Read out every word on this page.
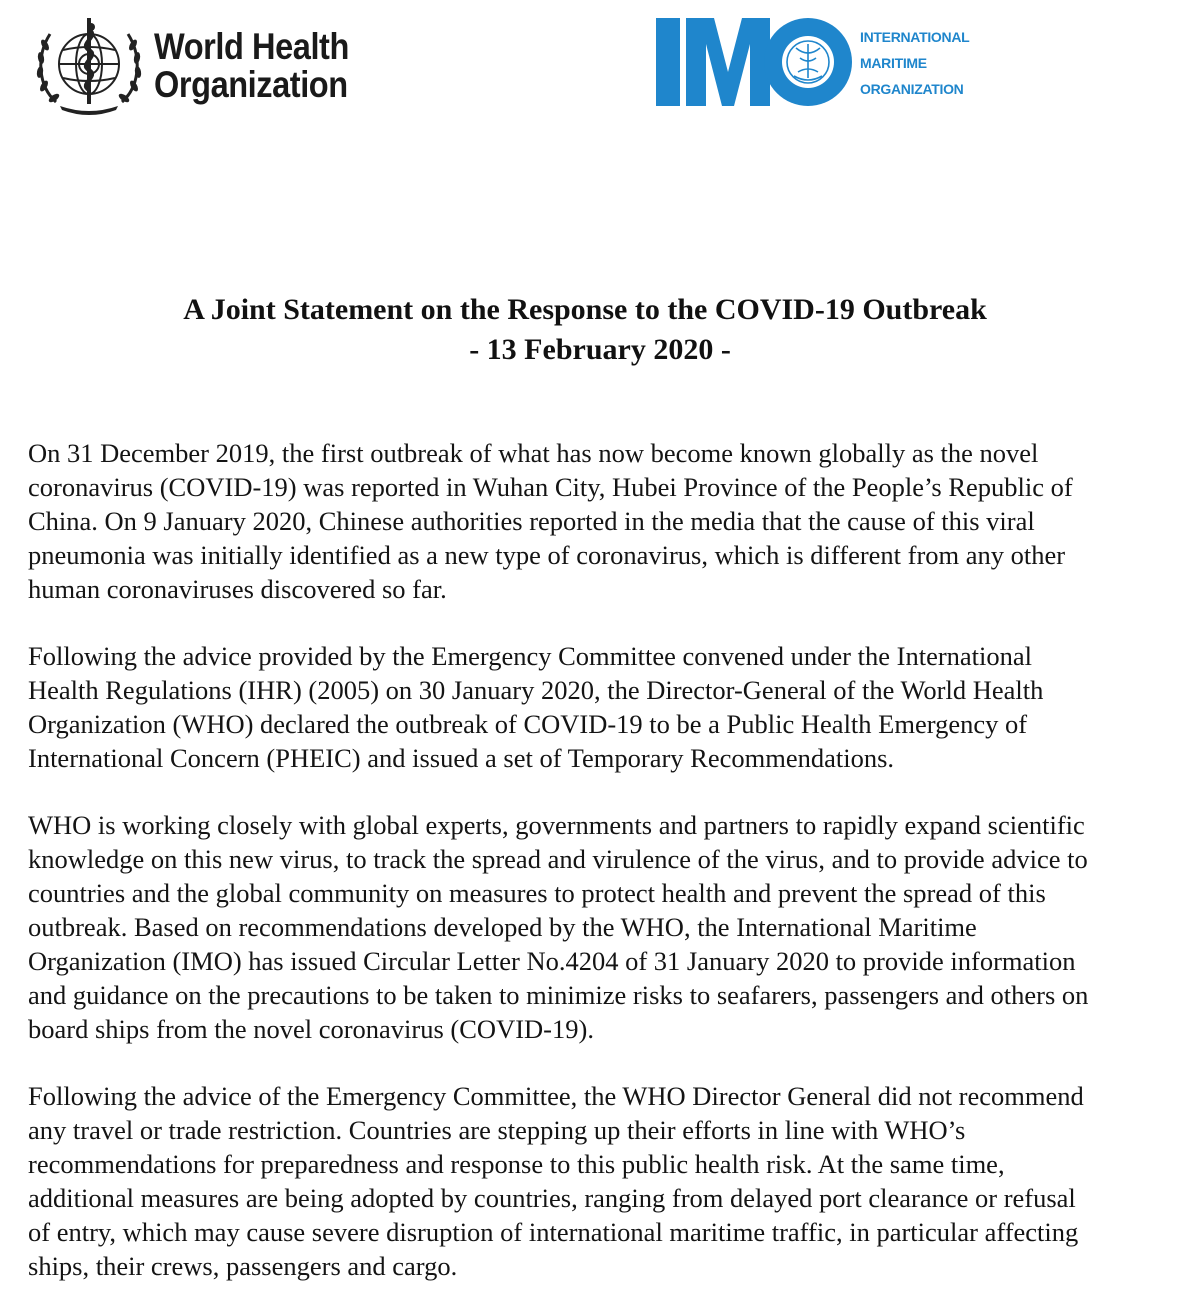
World Health
Organization
INTERNATIONAL
MARITIME
ORGANIZATION
A Joint Statement on the Response to the COVID-19 Outbreak
- 13 February 2020 -
On 31 December 2019, the first outbreak of what has now become known globally as the novel
coronavirus (COVID-19) was reported in Wuhan City, Hubei Province of the People’s Republic of
China. On 9 January 2020, Chinese authorities reported in the media that the cause of this viral
pneumonia was initially identified as a new type of coronavirus, which is different from any other
human coronaviruses discovered so far.
Following the advice provided by the Emergency Committee convened under the International
Health Regulations (IHR) (2005) on 30 January 2020, the Director-General of the World Health
Organization (WHO) declared the outbreak of COVID-19 to be a Public Health Emergency of
International Concern (PHEIC) and issued a set of Temporary Recommendations.
WHO is working closely with global experts, governments and partners to rapidly expand scientific
knowledge on this new virus, to track the spread and virulence of the virus, and to provide advice to
countries and the global community on measures to protect health and prevent the spread of this
outbreak. Based on recommendations developed by the WHO, the International Maritime
Organization (IMO) has issued Circular Letter No.4204 of 31 January 2020 to provide information
and guidance on the precautions to be taken to minimize risks to seafarers, passengers and others on
board ships from the novel coronavirus (COVID-19).
Following the advice of the Emergency Committee, the WHO Director General did not recommend
any travel or trade restriction. Countries are stepping up their efforts in line with WHO’s
recommendations for preparedness and response to this public health risk. At the same time,
additional measures are being adopted by countries, ranging from delayed port clearance or refusal
of entry, which may cause severe disruption of international maritime traffic, in particular affecting
ships, their crews, passengers and cargo.
